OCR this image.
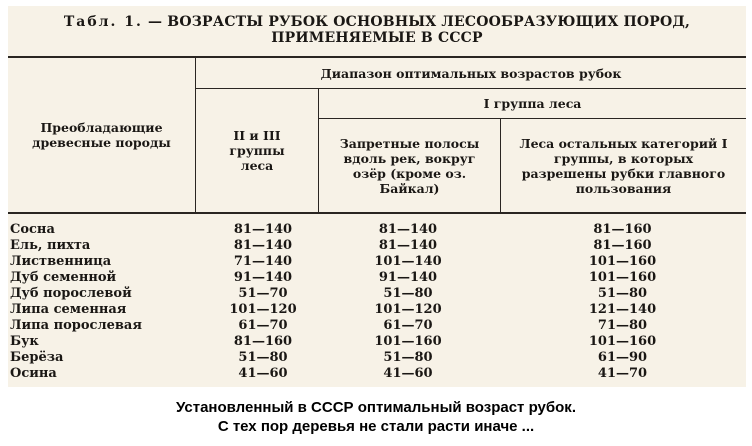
Табл. 1. — ВОЗРАСТЫ РУБОК ОСНОВНЫХ ЛЕСООБРАЗУЮЩИХ ПОРОД,
ПРИМЕНЯЕМЫЕ В СССР
Преобладающие древесные породы
Диапазон оптимальных возрастов рубок
II и III группы леса
I группа леса
Запретные полосы вдоль рек, вокруг озёр (кроме оз. Байкал)
Леса остальных категорий I группы, в которых разрешены рубки главного пользования
Сосна	81—140	81—140	81—160
Ель, пихта	81—140	81—140	81—160
Лиственница	71—140	101—140	101—160
Дуб семенной	91—140	91—140	101—160
Дуб порослевой	51—70	51—80	51—80
Липа семенная	101—120	101—120	121—140
Липа порослевая	61—70	61—70	71—80
Бук	81—160	101—160	101—160
Берёза	51—80	51—80	61—90
Осина	41—60	41—60	41—70
Установленный в СССР оптимальный возраст рубок.
С тех пор деревья не стали расти иначе ...
